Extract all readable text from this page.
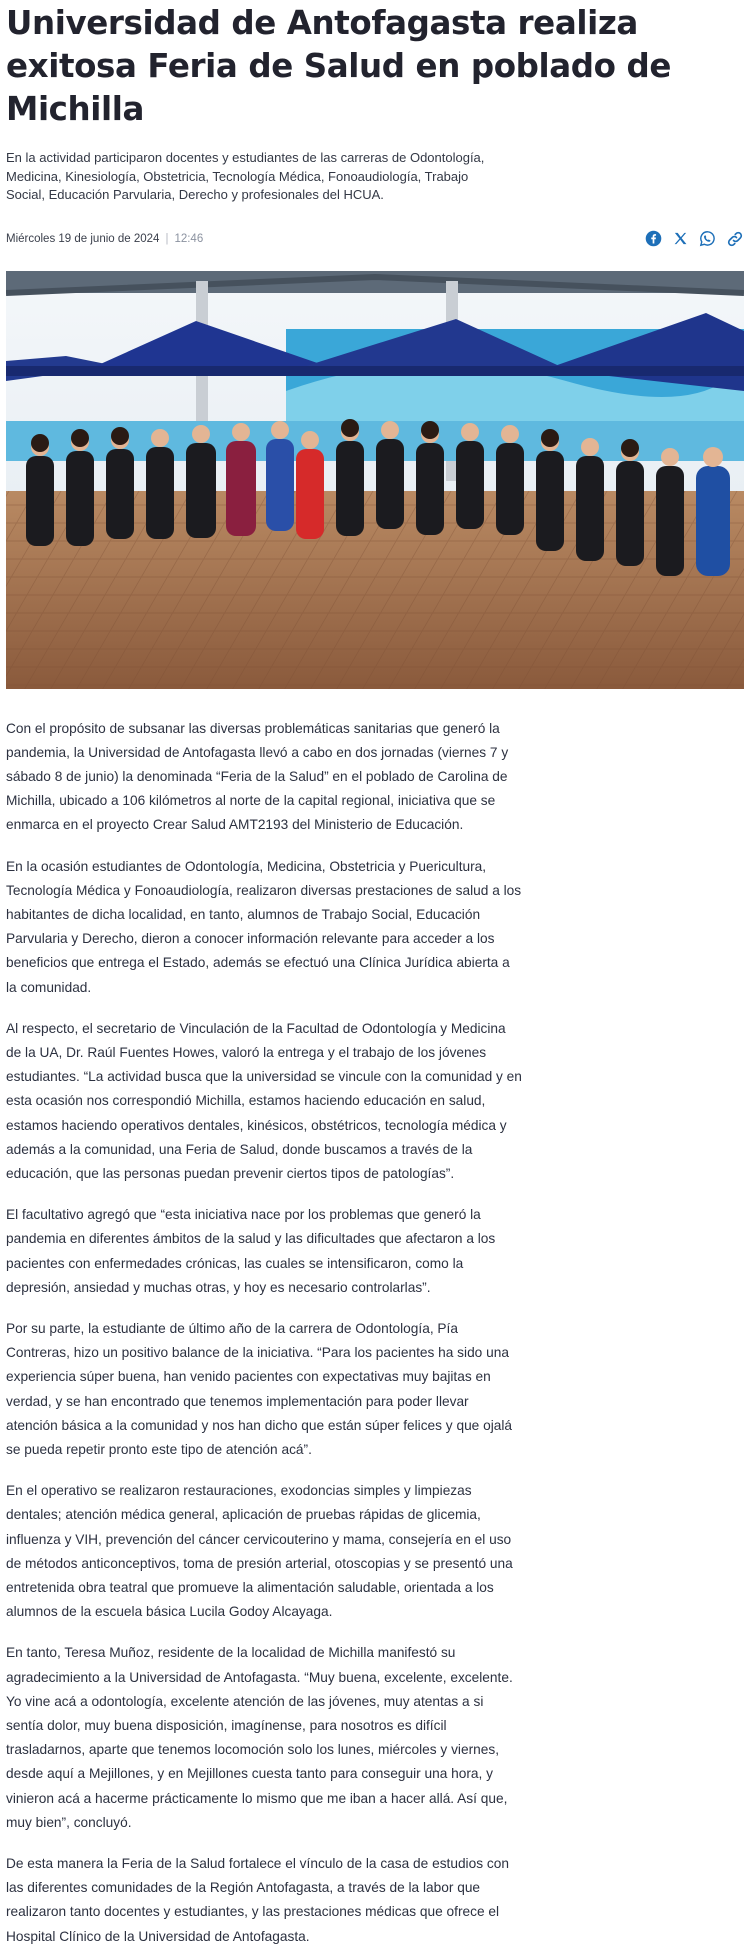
Universidad de Antofagasta realiza exitosa Feria de Salud en poblado de Michilla

En la actividad participaron docentes y estudiantes de las carreras de Odontología, Medicina, Kinesiología, Obstetricia, Tecnología Médica, Fonoaudiología, Trabajo Social, Educación Parvularia, Derecho y profesionales del HCUA.

Miércoles 19 de junio de 2024 | 12:46

Con el propósito de subsanar las diversas problemáticas sanitarias que generó la pandemia, la Universidad de Antofagasta llevó a cabo en dos jornadas (viernes 7 y sábado 8 de junio) la denominada “Feria de la Salud” en el poblado de Carolina de Michilla, ubicado a 106 kilómetros al norte de la capital regional, iniciativa que se enmarca en el proyecto Crear Salud AMT2193 del Ministerio de Educación.

En la ocasión estudiantes de Odontología, Medicina, Obstetricia y Puericultura, Tecnología Médica y Fonoaudiología, realizaron diversas prestaciones de salud a los habitantes de dicha localidad, en tanto, alumnos de Trabajo Social, Educación Parvularia y Derecho, dieron a conocer información relevante para acceder a los beneficios que entrega el Estado, además se efectuó una Clínica Jurídica abierta a la comunidad.

Al respecto, el secretario de Vinculación de la Facultad de Odontología y Medicina de la UA, Dr. Raúl Fuentes Howes, valoró la entrega y el trabajo de los jóvenes estudiantes. “La actividad busca que la universidad se vincule con la comunidad y en esta ocasión nos correspondió Michilla, estamos haciendo educación en salud, estamos haciendo operativos dentales, kinésicos, obstétricos, tecnología médica y además a la comunidad, una Feria de Salud, donde buscamos a través de la educación, que las personas puedan prevenir ciertos tipos de patologías”.

El facultativo agregó que “esta iniciativa nace por los problemas que generó la pandemia en diferentes ámbitos de la salud y las dificultades que afectaron a los pacientes con enfermedades crónicas, las cuales se intensificaron, como la depresión, ansiedad y muchas otras, y hoy es necesario controlarlas”.

Por su parte, la estudiante de último año de la carrera de Odontología, Pía Contreras, hizo un positivo balance de la iniciativa. “Para los pacientes ha sido una experiencia súper buena, han venido pacientes con expectativas muy bajitas en verdad, y se han encontrado que tenemos implementación para poder llevar atención básica a la comunidad y nos han dicho que están súper felices y que ojalá se pueda repetir pronto este tipo de atención acá”.

En el operativo se realizaron restauraciones, exodoncias simples y limpiezas dentales; atención médica general, aplicación de pruebas rápidas de glicemia, influenza y VIH, prevención del cáncer cervicouterino y mama, consejería en el uso de métodos anticonceptivos, toma de presión arterial, otoscopias y se presentó una entretenida obra teatral que promueve la alimentación saludable, orientada a los alumnos de la escuela básica Lucila Godoy Alcayaga.

En tanto, Teresa Muñoz, residente de la localidad de Michilla manifestó su agradecimiento a la Universidad de Antofagasta. “Muy buena, excelente, excelente. Yo vine acá a odontología, excelente atención de las jóvenes, muy atentas a si sentía dolor, muy buena disposición, imagínense, para nosotros es difícil trasladarnos, aparte que tenemos locomoción solo los lunes, miércoles y viernes, desde aquí a Mejillones, y en Mejillones cuesta tanto para conseguir una hora, y vinieron acá a hacerme prácticamente lo mismo que me iban a hacer allá. Así que, muy bien”, concluyó.

De esta manera la Feria de la Salud fortalece el vínculo de la casa de estudios con las diferentes comunidades de la Región Antofagasta, a través de la labor que realizaron tanto docentes y estudiantes, y las prestaciones médicas que ofrece el Hospital Clínico de la Universidad de Antofagasta.
